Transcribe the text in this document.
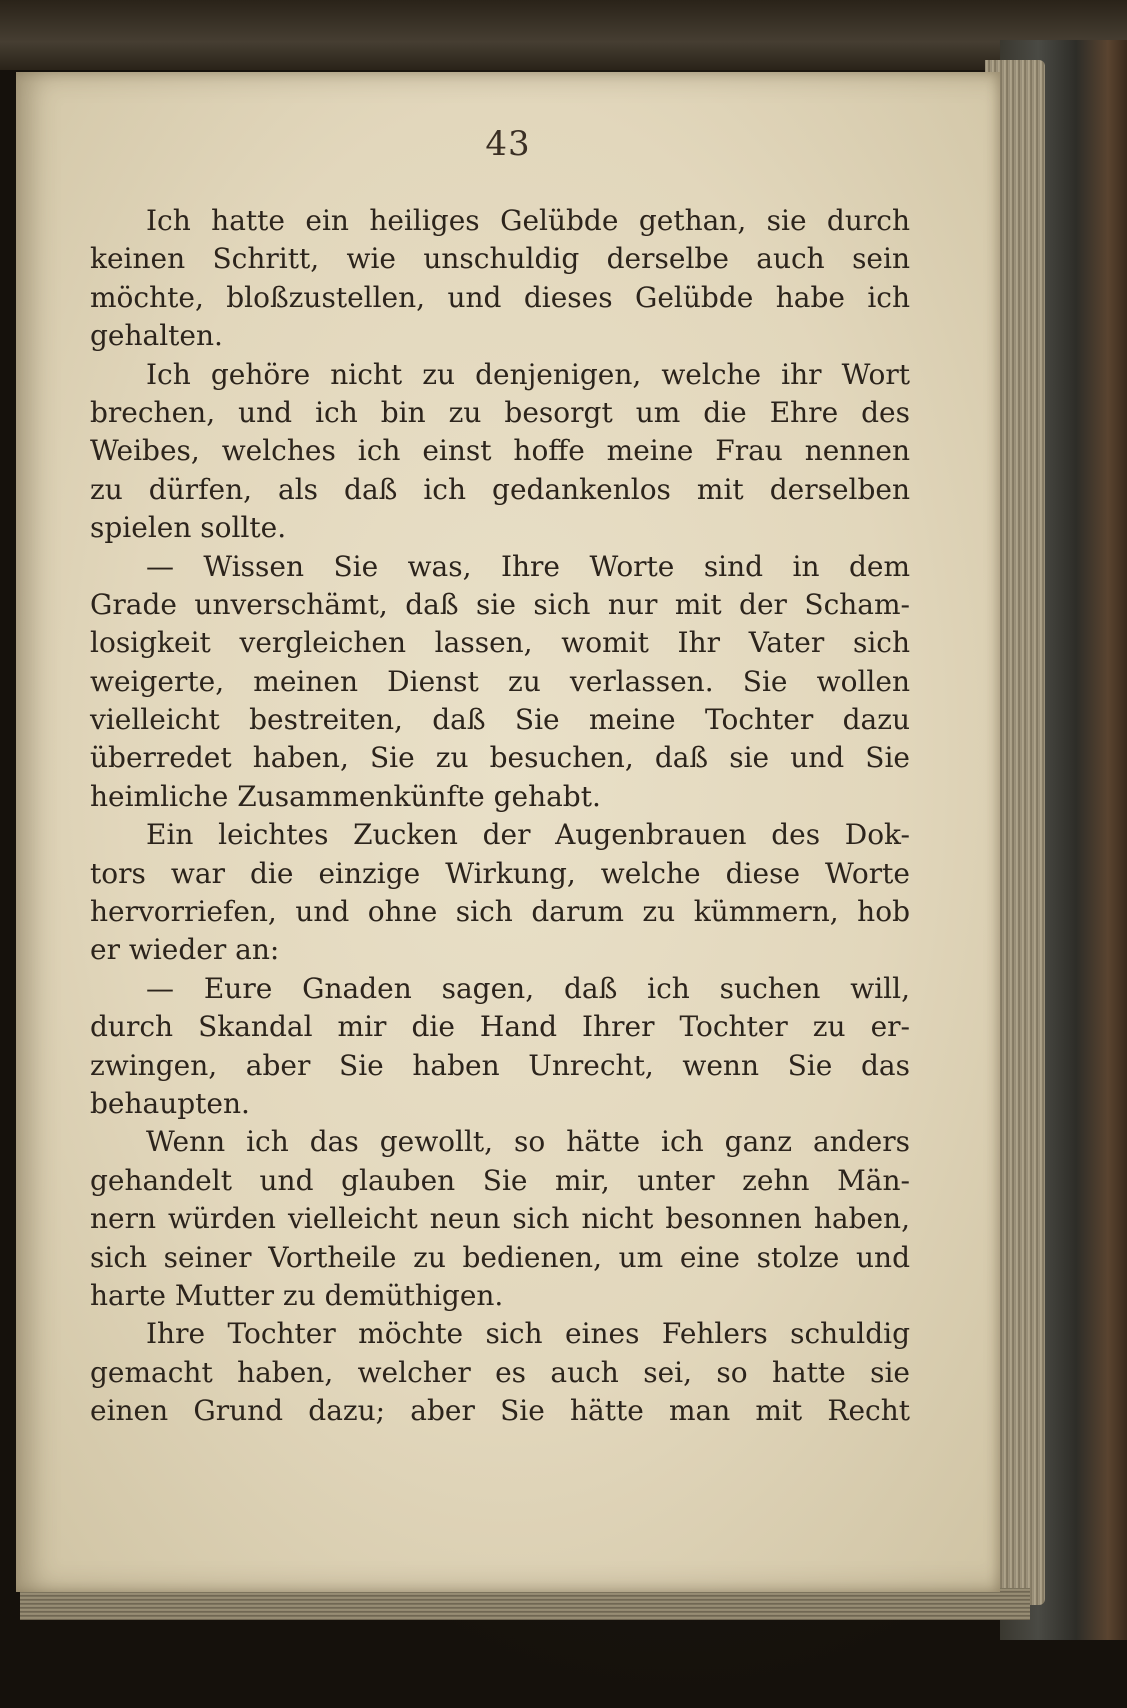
43
Ich hatte ein heiliges Gelübde gethan, sie durch
keinen Schritt, wie unschuldig derselbe auch sein
möchte, bloßzustellen, und dieses Gelübde habe ich
gehalten.
Ich gehöre nicht zu denjenigen, welche ihr Wort
brechen, und ich bin zu besorgt um die Ehre des
Weibes, welches ich einst hoffe meine Frau nennen
zu dürfen, als daß ich gedankenlos mit derselben
spielen sollte.
— Wissen Sie was, Ihre Worte sind in dem
Grade unverschämt, daß sie sich nur mit der Scham-
losigkeit vergleichen lassen, womit Ihr Vater sich
weigerte, meinen Dienst zu verlassen. Sie wollen
vielleicht bestreiten, daß Sie meine Tochter dazu
überredet haben, Sie zu besuchen, daß sie und Sie
heimliche Zusammenkünfte gehabt.
Ein leichtes Zucken der Augenbrauen des Dok-
tors war die einzige Wirkung, welche diese Worte
hervorriefen, und ohne sich darum zu kümmern, hob
er wieder an:
— Eure Gnaden sagen, daß ich suchen will,
durch Skandal mir die Hand Ihrer Tochter zu er-
zwingen, aber Sie haben Unrecht, wenn Sie das
behaupten.
Wenn ich das gewollt, so hätte ich ganz anders
gehandelt und glauben Sie mir, unter zehn Män-
nern würden vielleicht neun sich nicht besonnen haben,
sich seiner Vortheile zu bedienen, um eine stolze und
harte Mutter zu demüthigen.
Ihre Tochter möchte sich eines Fehlers schuldig
gemacht haben, welcher es auch sei, so hatte sie
einen Grund dazu; aber Sie hätte man mit Recht
